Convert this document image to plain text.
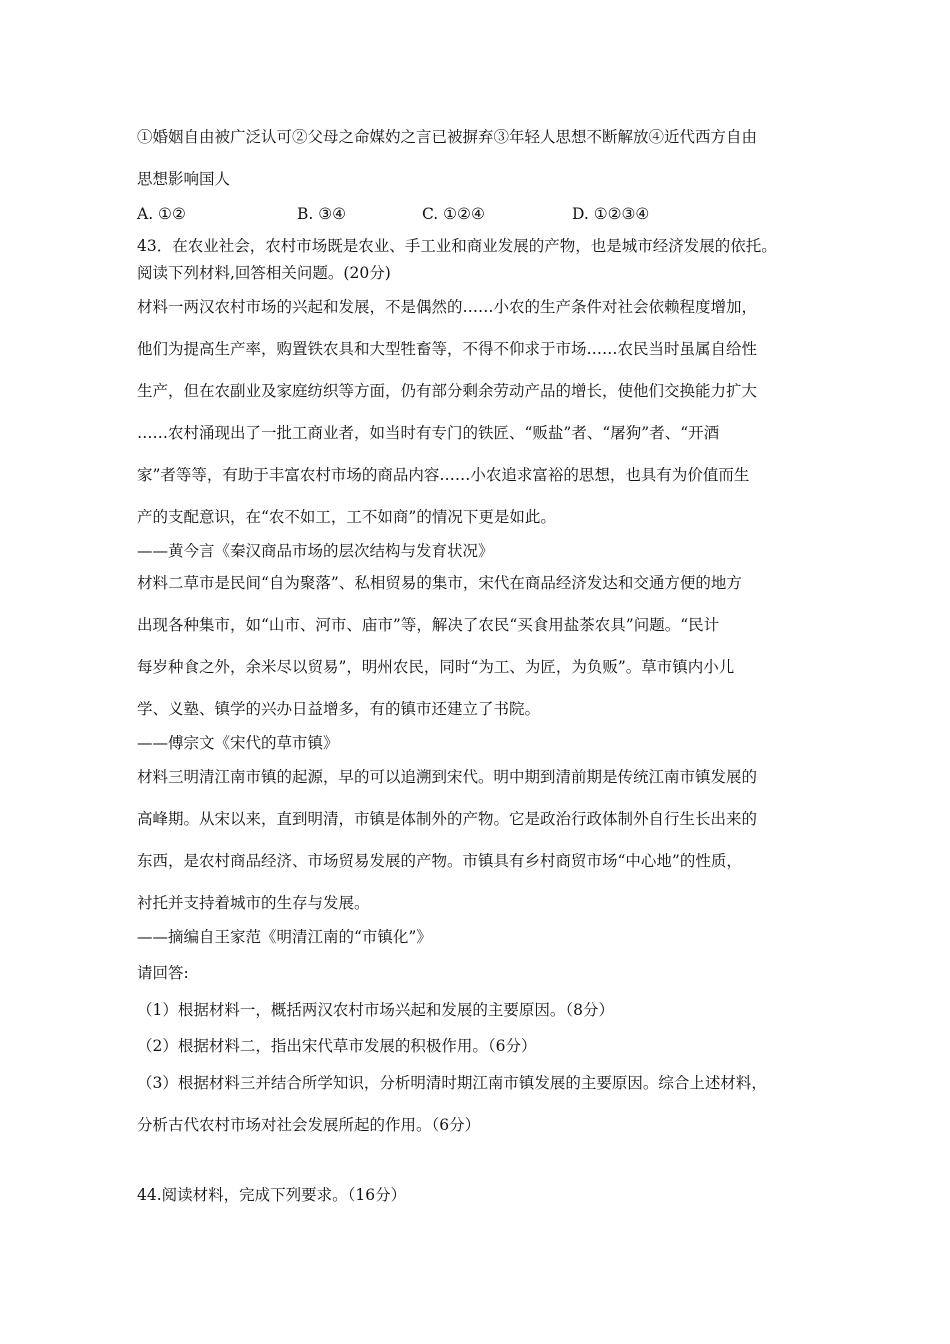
①婚姻自由被广泛认可②父母之命媒妁之言已被摒弃③年轻人思想不断解放④近代西方自由
思想影响国人
A. ①②	B. ③④	C. ①②④	D. ①②③④
43．在农业社会，农村市场既是农业、手工业和商业发展的产物，也是城市经济发展的依托。
阅读下列材料,回答相关问题。(20分)
材料一两汉农村市场的兴起和发展，不是偶然的……小农的生产条件对社会依赖程度增加，
他们为提高生产率，购置铁农具和大型牲畜等，不得不仰求于市场……农民当时虽属自给性
生产，但在农副业及家庭纺织等方面，仍有部分剩余劳动产品的增长，使他们交换能力扩大
……农村涌现出了一批工商业者，如当时有专门的铁匠、“贩盐”者、“屠狗”者、“开酒
家”者等等，有助于丰富农村市场的商品内容……小农追求富裕的思想，也具有为价值而生
产的支配意识，在“农不如工，工不如商”的情况下更是如此。
——黄今言《秦汉商品市场的层次结构与发育状况》
材料二草市是民间“自为聚落”、私相贸易的集市，宋代在商品经济发达和交通方便的地方
出现各种集市，如“山市、河市、庙市”等，解决了农民“买食用盐茶农具”问题。“民计
每岁种食之外，余米尽以贸易”，明州农民，同时“为工、为匠，为负贩”。草市镇内小儿
学、义塾、镇学的兴办日益增多，有的镇市还建立了书院。
——傅宗文《宋代的草市镇》
材料三明清江南市镇的起源，早的可以追溯到宋代。明中期到清前期是传统江南市镇发展的
高峰期。从宋以来，直到明清，市镇是体制外的产物。它是政治行政体制外自行生长出来的
东西，是农村商品经济、市场贸易发展的产物。市镇具有乡村商贸市场“中心地”的性质，
衬托并支持着城市的生存与发展。
——摘编自王家范《明清江南的“市镇化”》
请回答:
（1）根据材料一，概括两汉农村市场兴起和发展的主要原因。（8分）
（2）根据材料二，指出宋代草市发展的积极作用。（6分）
（3）根据材料三并结合所学知识，分析明清时期江南市镇发展的主要原因。综合上述材料，
分析古代农村市场对社会发展所起的作用。（6分）
44.阅读材料，完成下列要求。（16分）
